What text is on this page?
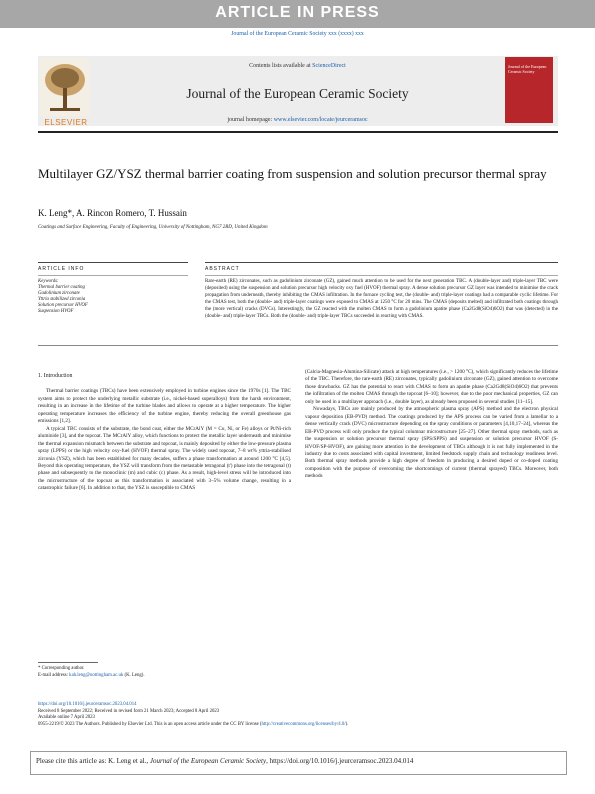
ARTICLE IN PRESS
Journal of the European Ceramic Society xxx (xxxx) xxx
ELSEVIER
Contents lists available at ScienceDirect
Journal of the European Ceramic Society
journal homepage: www.elsevier.com/locate/jeurceramsoc
Journal of the European Ceramic Society
Multilayer GZ/YSZ thermal barrier coating from suspension and solution precursor thermal spray
K. Leng*, A. Rincon Romero, T. Hussain
Coatings and Surface Engineering, Faculty of Engineering, University of Nottingham, NG7 2RD, United Kingdom
ARTICLE INFO	ABSTRACT
Keywords:
Thermal barrier coating
Gadolinium zirconate
Yttria stabilized zirconia
Solution precursor HVOF
Suspension HVOF
Rare-earth (RE) zirconates, such as gadolinium zirconate (GZ), gained much attention to be used for the next generation TBC. A (double-layer and) triple-layer TBC were (deposited) using the suspension and solution precursor high velocity oxy fuel (HVOF) thermal spray. A dense solution precursor GZ layer was intended to minimise the crack propagation from underneath, thereby inhibiting the CMAS infiltration. In the furnace cycling test, the (double- and) triple-layer coatings had a comparable cyclic lifetime. For the CMAS test, both the (double- and) triple-layer coatings were exposed to CMAS at 1250 °C for 20 mins. The CMAS (deposits melted) and infiltrated both coatings through the (more vertical) cracks (DVCs). Interestingly, the GZ reacted with the molten CMAS to form a gadolinium apatite phase (Ca2Gd8(SiO4)6O2) that was (detected) in the (double- and) triple-layer TBCs. Both the (double- and) triple-layer TBCs succeeded in reacting with CMAS.
1. Introduction

Thermal barrier coatings (TBCs) have been extensively employed in turbine engines since the 1970s [1]. The TBC system aims to protect the underlying metallic substrate (i.e., nickel-based superalloys) from the harsh environment, resulting in an increase in the lifetime of the turbine blades and allows to operate at a higher temperature. The higher operating temperature increases the efficiency of the turbine engine, thereby reducing the overall greenhouse gas emissions [1,2].

A typical TBC consists of the substrate, the bond coat, either the MCrAlY (M = Co, Ni, or Fe) alloys or Pt/Ni-rich aluminide [3], and the topcoat. The MCrAlY alloy, which functions to protect the metallic layer underneath and minimise the thermal expansion mismatch between the substrate and topcoat, is mainly deposited by either the low-pressure plasma spray (LPPS) or the high velocity oxy-fuel (HVOF) thermal spray. The widely used topcoat, 7–8 wt% yttria-stabilised zirconia (YSZ), which has been established for many decades, suffers a phase transformation at around 1200 °C [4,5]. Beyond this operating temperature, the YSZ will transform from the metastable tetragonal (t') phase into the tetragonal (t) phase and subsequently to the monoclinic (m) and cubic (c) phase. As a result, high-level stress will be introduced into the microstructure of the topcoat as this transformation is associated with 3–5% volume change, resulting in a catastrophic failure [6]. In addition to that, the YSZ is susceptible to CMAS

(Calcia-Magnesia-Alumina-Silicate) attack at high temperatures (i.e., > 1200 °C), which significantly reduces the lifetime of the TBC. Therefore, the rare-earth (RE) zirconates, typically gadolinium zirconate (GZ), gained attention to overcome those drawbacks. GZ has the potential to react with CMAS to form an apatite phase (Ca2Gd8(SiO4)6O2) that prevents the infiltration of the molten CMAS through the topcoat [6–10]; however, due to the poor mechanical properties, GZ can only be used in a multilayer approach (i.e., double layer), as already been proposed in several studies [11–15].

Nowadays, TBCs are mainly produced by the atmospheric plasma spray (APS) method and the electron physical vapour deposition (EB-PVD) method. The coatings produced by the APS process can be varied from a lamellar to a dense vertically crack (DVC) microstructure depending on the spray conditions or parameters [4,10,17–24], whereas the EB-PVD process will only produce the typical columnar microstructure [25–27]. Other thermal spray methods, such as the suspension or solution precursor thermal spray (SPS/SPPS) and suspension or solution precursor HVOF (S-HVOF/SP-HVOF), are gaining more attention in the development of TBCs although it is not fully implemented in the industry due to costs associated with capital investment, limited feedstock supply chain and technology readiness level. Both thermal spray methods provide a high degree of freedom in producing a desired doped or co-doped coating composition with the purpose of overcoming the shortcomings of current (thermal sprayed) TBCs. Moreover, both methods

* Corresponding author.
E-mail address: kah.leng@nottingham.ac.uk (K. Leng).
https://doi.org/10.1016/j.jeurceramsoc.2023.04.014
Received 8 September 2022; Received in revised form 21 March 2023; Accepted 8 April 2023
Available online 7 April 2023
0955-2219/© 2023 The Authors. Published by Elsevier Ltd. This is an open access article under the CC BY license (http://creativecommons.org/licenses/by/4.0/).
Please cite this article as: K. Leng et al., Journal of the European Ceramic Society, https://doi.org/10.1016/j.jeurceramsoc.2023.04.014
